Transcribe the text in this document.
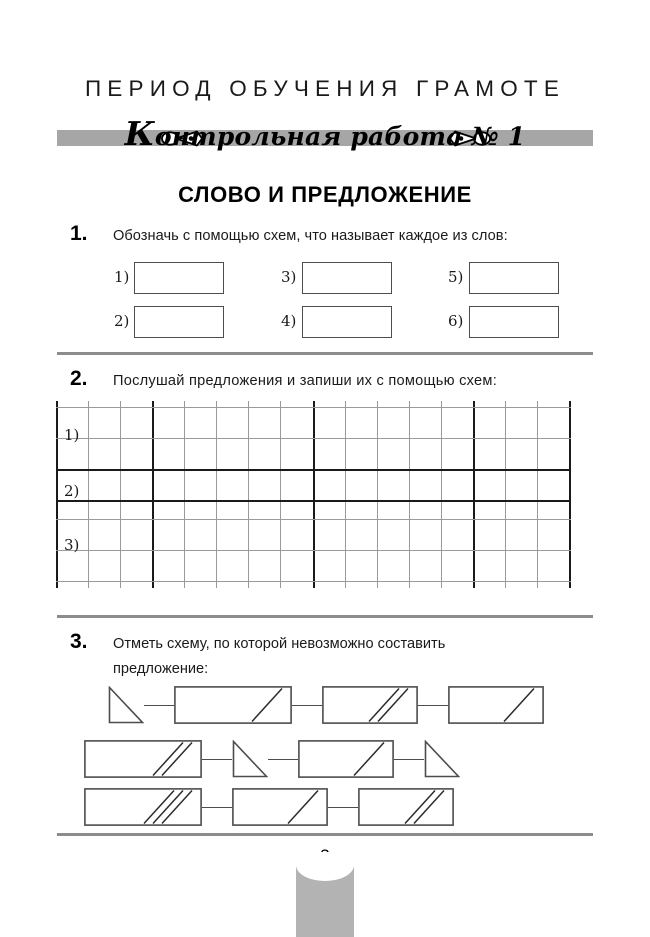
ПЕРИОД ОБУЧЕНИЯ ГРАМОТЕ
Контрольная работа № 1
СЛОВО И ПРЕДЛОЖЕНИЕ
1. Обозначь с помощью схем, что называет каждое из слов:
1)
2)
3)
4)
5)
6)
2. Послушай предложения и запиши их с помощью схем:
1)
2)
3)
3. Отметь схему, по которой невозможно составить предложение:
